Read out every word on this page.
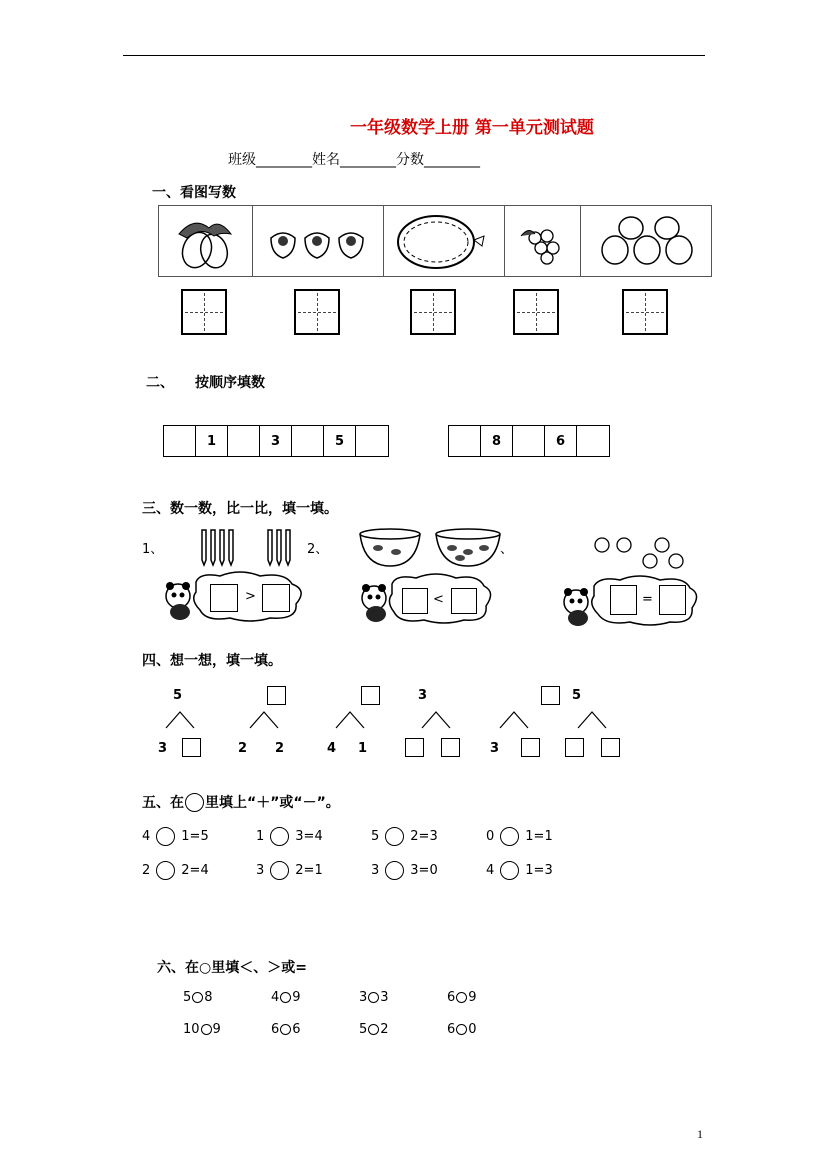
一年级数学上册 第一单元测试题
班级________姓名________分数________
一、看图写数
二、 按顺序填数
1	3	5	8	6
三、数一数，比一比，填一填。
1、	2、	、
>	<	=
四、想一想，填一填。
5	3	5
3	2 2	4 1	3
五、在 里填上“＋”或“－”。
4 1=5	1 3=4	5 2=3	0 1=1
2 2=4	3 2=1	3 3=0	4 1=3
六、在○里填＜、＞或=
5 8	4 9	3 3	6 9
10 9	6 6	5 2	6 0
1
